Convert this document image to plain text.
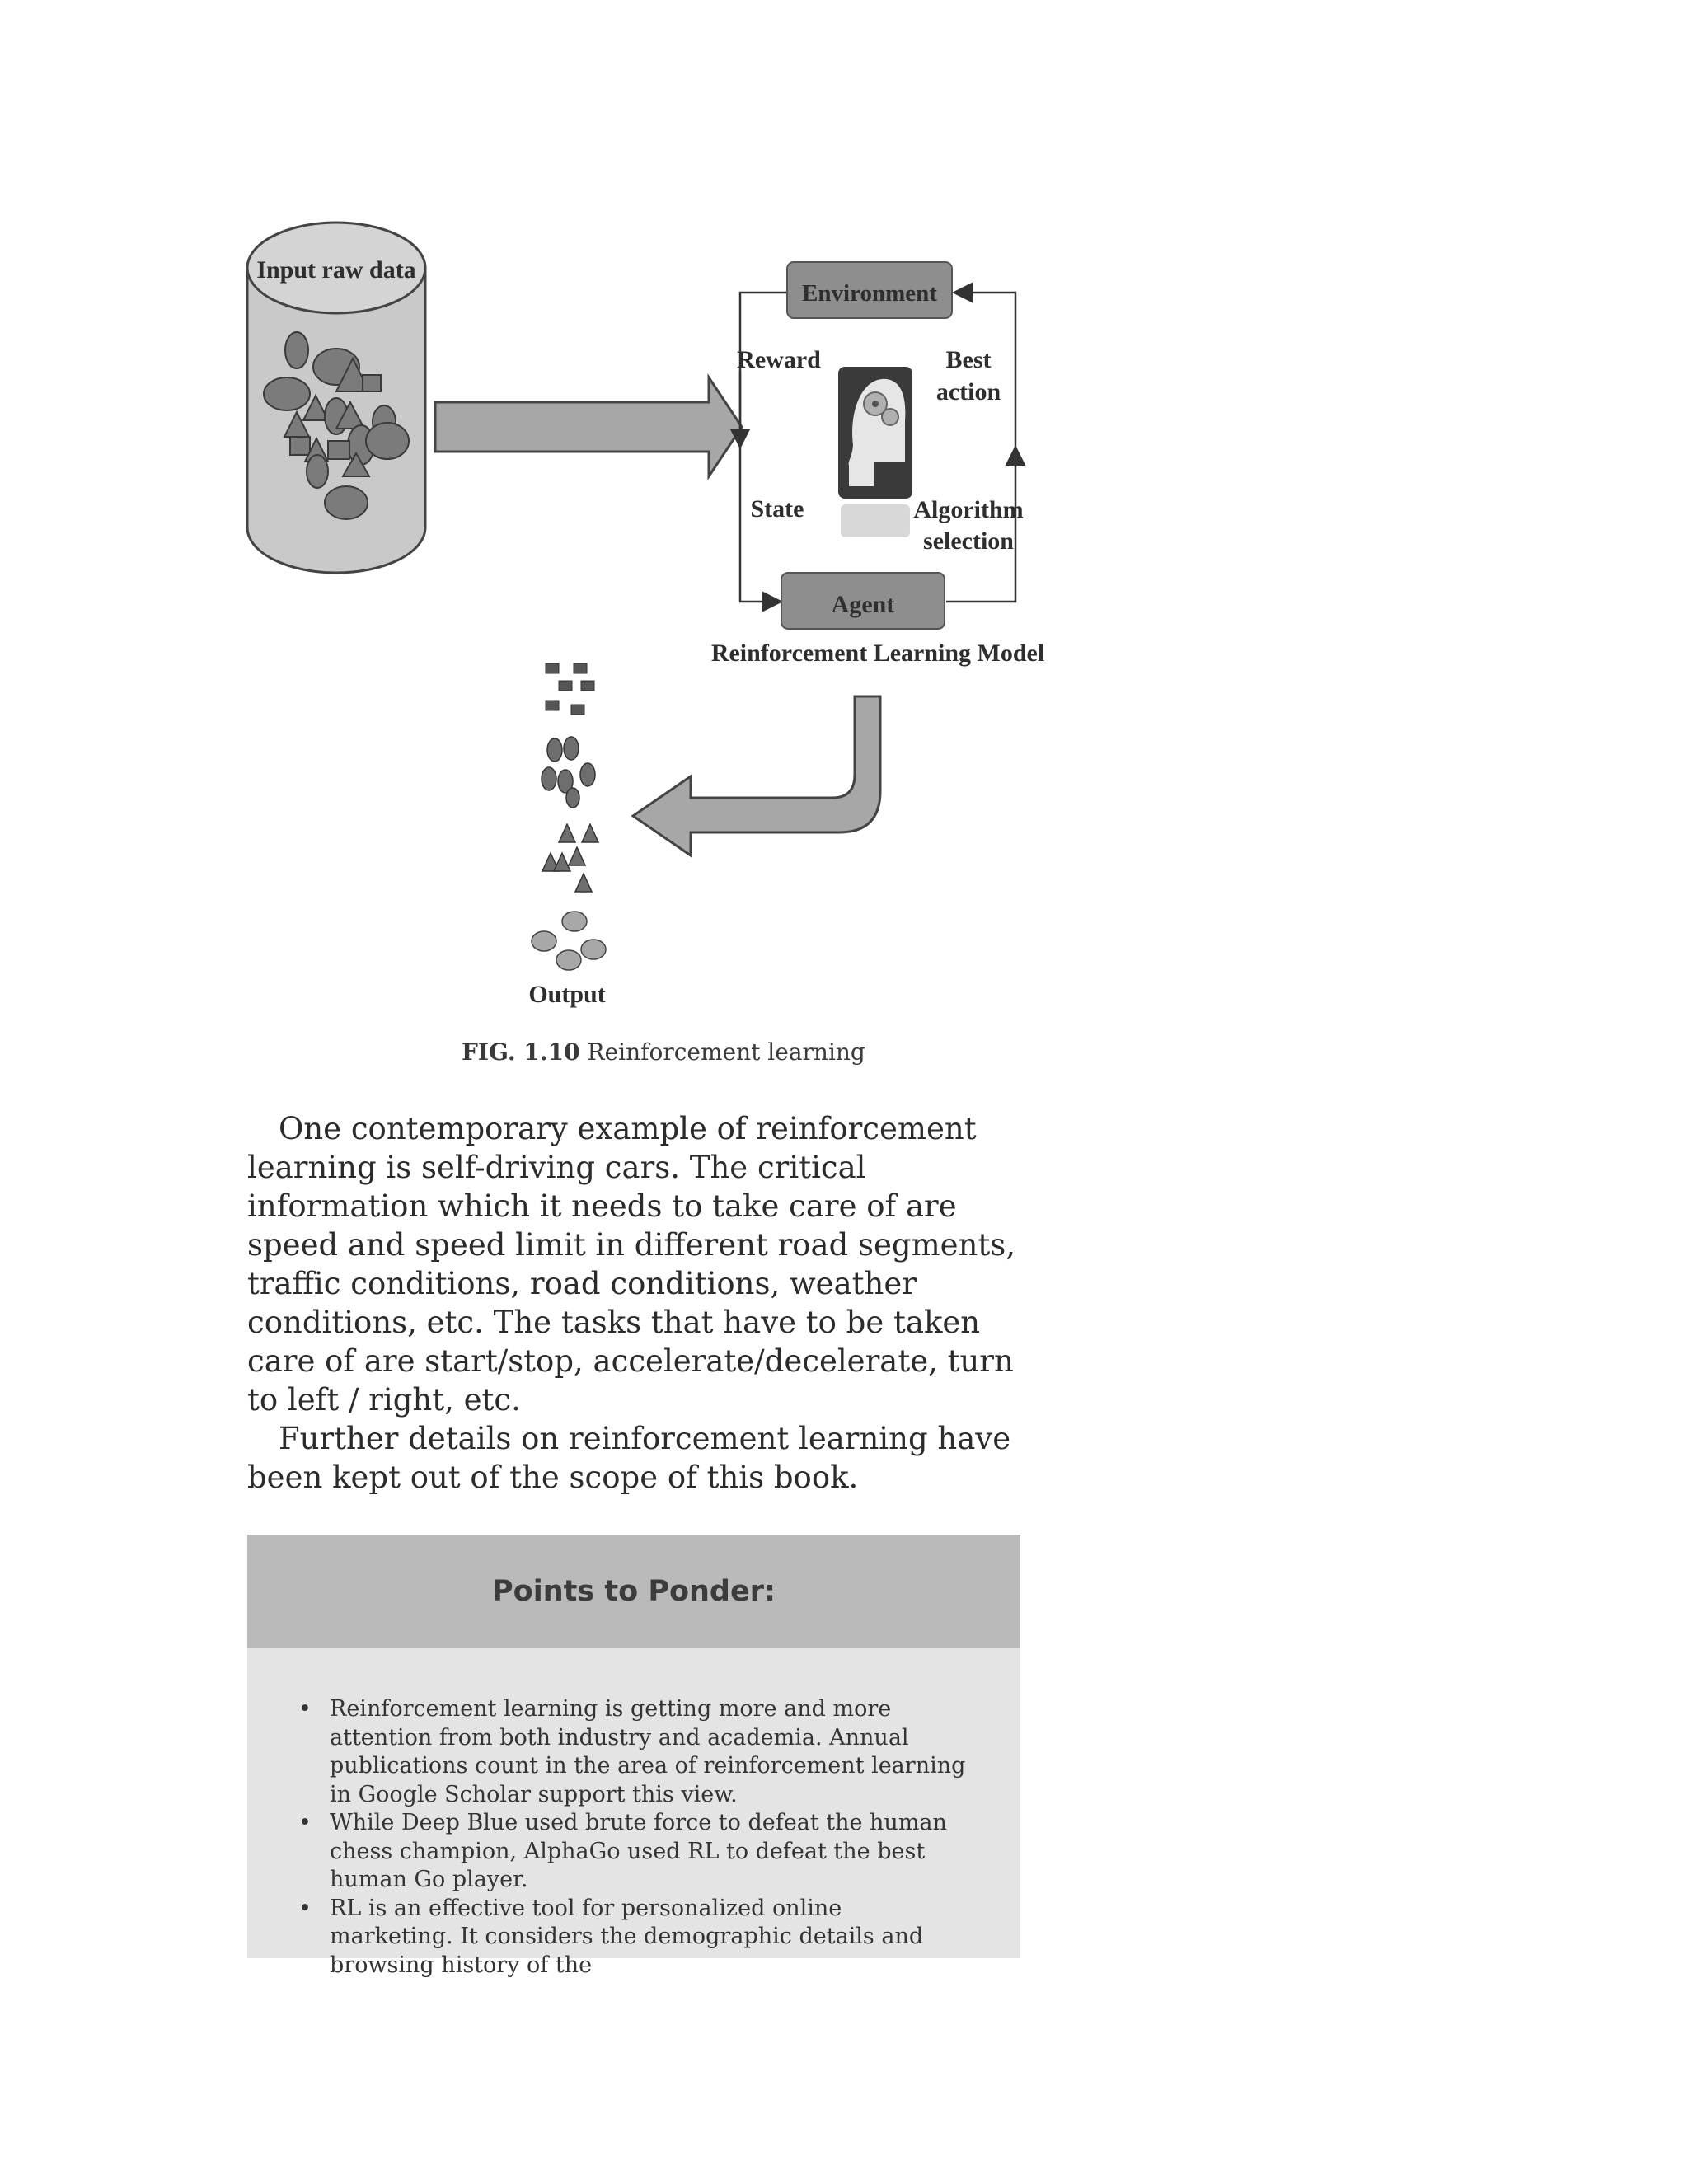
Input raw data
Environment
Reward	Best
action
State	Algorithm
selection
Agent
Reinforcement Learning Model
Output
FIG. 1.10 Reinforcement learning

One contemporary example of reinforcement learning is self-driving cars. The critical information which it needs to take care of are speed and speed limit in different road segments, traffic conditions, road conditions, weather conditions, etc. The tasks that have to be taken care of are start/stop, accelerate/decelerate, turn to left / right, etc.

Further details on reinforcement learning have been kept out of the scope of this book.

Points to Ponder:
• Reinforcement learning is getting more and more attention from both industry and academia. Annual publications count in the area of reinforcement learning in Google Scholar support this view.
• While Deep Blue used brute force to defeat the human chess champion, AlphaGo used RL to defeat the best human Go player.
• RL is an effective tool for personalized online marketing. It considers the demographic details and browsing history of the
